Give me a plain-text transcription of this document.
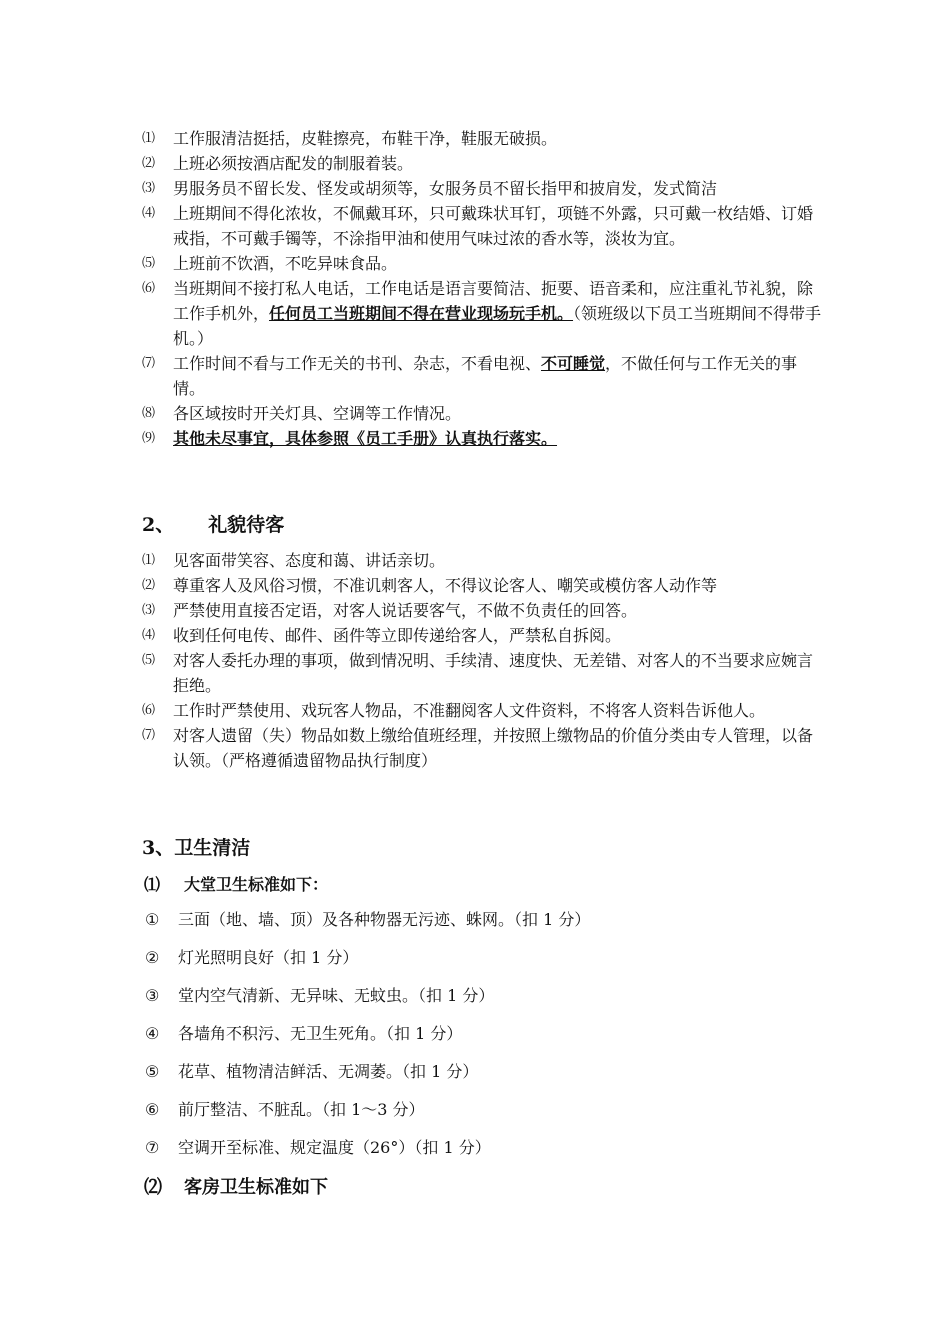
⑴	工作服清洁挺括，皮鞋擦亮，布鞋干净，鞋服无破损。
⑵	上班必须按酒店配发的制服着装。
⑶	男服务员不留长发、怪发或胡须等，女服务员不留长指甲和披肩发，发式简洁
⑷	上班期间不得化浓妆，不佩戴耳环，只可戴珠状耳钉，项链不外露，只可戴一枚结婚、订婚戒指，不可戴手镯等，不涂指甲油和使用气味过浓的香水等，淡妆为宜。
⑸	上班前不饮酒，不吃异味食品。
⑹	当班期间不接打私人电话，工作电话是语言要简洁、扼要、语音柔和，应注重礼节礼貌，除工作手机外，任何员工当班期间不得在营业现场玩手机。（领班级以下员工当班期间不得带手机。）
⑺	工作时间不看与工作无关的书刊、杂志，不看电视、不可睡觉，不做任何与工作无关的事情。
⑻	各区域按时开关灯具、空调等工作情况。
⑼	其他未尽事宜，具体参照《员工手册》认真执行落实。
2、 礼貌待客
⑴	见客面带笑容、态度和蔼、讲话亲切。
⑵	尊重客人及风俗习惯，不准讥刺客人，不得议论客人、嘲笑或模仿客人动作等
⑶	严禁使用直接否定语，对客人说话要客气，不做不负责任的回答。
⑷	收到任何电传、邮件、函件等立即传递给客人，严禁私自拆阅。
⑸	对客人委托办理的事项，做到情况明、手续清、速度快、无差错、对客人的不当要求应婉言拒绝。
⑹	工作时严禁使用、戏玩客人物品，不准翻阅客人文件资料，不将客人资料告诉他人。
⑺	对客人遗留（失）物品如数上缴给值班经理，并按照上缴物品的价值分类由专人管理，以备认领。（严格遵循遗留物品执行制度）
3、卫生清洁
⑴ 大堂卫生标准如下：
① 三面（地、墙、顶）及各种物器无污迹、蛛网。（扣 1 分）
② 灯光照明良好（扣 1 分）
③ 堂内空气清新、无异味、无蚊虫。（扣 1 分）
④ 各墙角不积污、无卫生死角。（扣 1 分）
⑤ 花草、植物清洁鲜活、无凋萎。（扣 1 分）
⑥ 前厅整洁、不脏乱。（扣 1～3 分）
⑦ 空调开至标准、规定温度（26°）（扣 1 分）
⑵ 客房卫生标准如下
